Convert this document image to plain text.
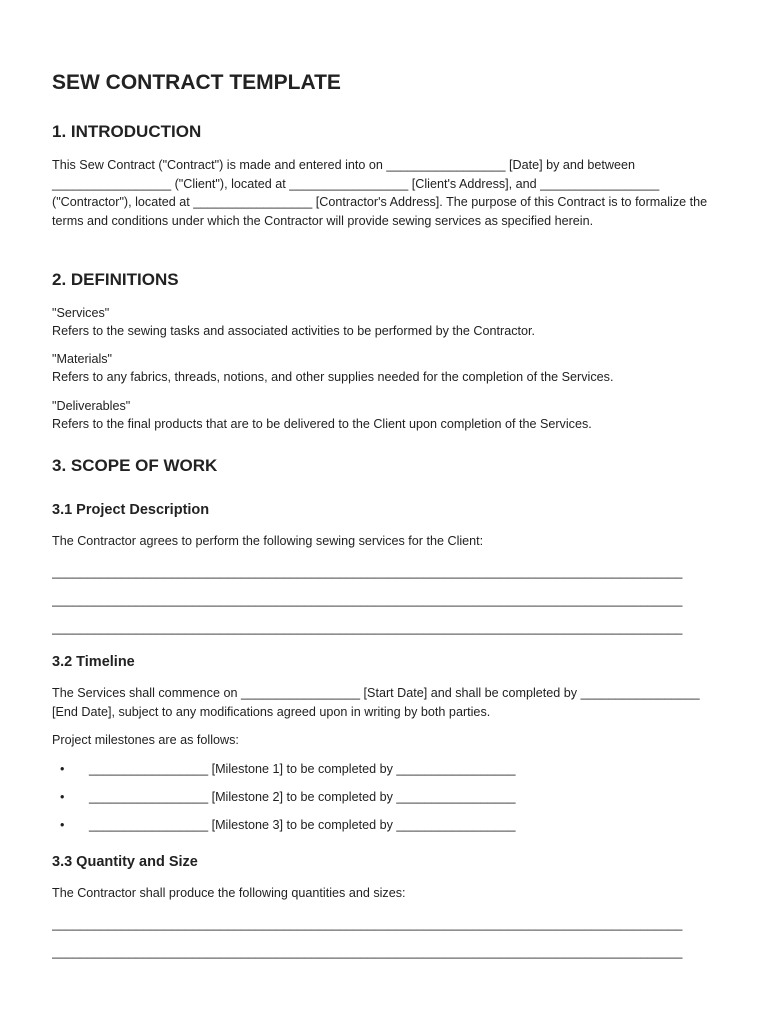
SEW CONTRACT TEMPLATE
1. INTRODUCTION

This Sew Contract ("Contract") is made and entered into on _________________ [Date] by and between _________________ ("Client"), located at _________________ [Client's Address], and _________________ ("Contractor"), located at _________________ [Contractor's Address]. The purpose of this Contract is to formalize the terms and conditions under which the Contractor will provide sewing services as specified herein.

2. DEFINITIONS

"Services"

Refers to the sewing tasks and associated activities to be performed by the Contractor.

"Materials"

Refers to any fabrics, threads, notions, and other supplies needed for the completion of the Services.

"Deliverables"

Refers to the final products that are to be delivered to the Client upon completion of the Services.

3. SCOPE OF WORK
3.1 Project Description

The Contractor agrees to perform the following sewing services for the Client:

__________________________________________________________________________________________

__________________________________________________________________________________________

__________________________________________________________________________________________

3.2 Timeline

The Services shall commence on _________________ [Start Date] and shall be completed by _________________ [End Date], subject to any modifications agreed upon in writing by both parties.

Project milestones are as follows:

• _________________ [Milestone 1] to be completed by _________________
• _________________ [Milestone 2] to be completed by _________________
• _________________ [Milestone 3] to be completed by _________________
3.3 Quantity and Size

The Contractor shall produce the following quantities and sizes:

__________________________________________________________________________________________

__________________________________________________________________________________________
